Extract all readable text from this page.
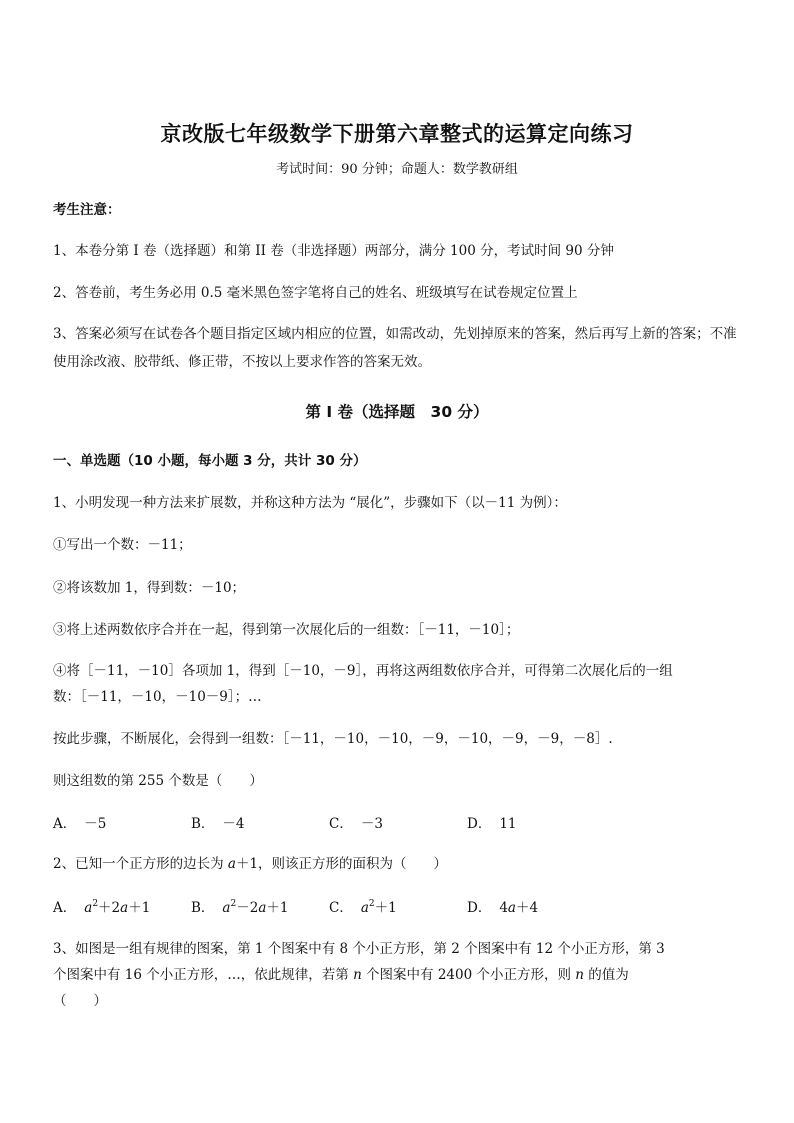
京改版七年级数学下册第六章整式的运算定向练习
考试时间：90 分钟；命题人：数学教研组
考生注意：
1、本卷分第 I 卷（选择题）和第 II 卷（非选择题）两部分，满分 100 分，考试时间 90 分钟
2、答卷前，考生务必用 0.5 毫米黑色签字笔将自己的姓名、班级填写在试卷规定位置上
3、答案必须写在试卷各个题目指定区域内相应的位置，如需改动，先划掉原来的答案，然后再写上新的答案；不准使用涂改液、胶带纸、修正带，不按以上要求作答的答案无效。
第 I 卷（选择题　30 分）
一、单选题（10 小题，每小题 3 分，共计 30 分）
1、小明发现一种方法来扩展数，并称这种方法为 “展化”，步骤如下（以－11 为例）：
①写出一个数：－11；
②将该数加 1，得到数：－10；
③将上述两数依序合并在一起，得到第一次展化后的一组数：［－11，－10］；
④将［－11，－10］各项加 1，得到［－10，－9］，再将这两组数依序合并，可得第二次展化后的一组
数：［－11，－10，－10－9］；…
按此步骤，不断展化，会得到一组数：［－11，－10，－10，－9，－10，－9，－9，－8］.
则这组数的第 255 个数是（　　）
A． －5	B． －4	C． －3	D． 11
2、已知一个正方形的边长为 a＋1，则该正方形的面积为（　　）
A． $a^2+2a+1$	B． $a^2-2a+1$	C． $a^2+1$	D． 4a＋4
3、如图是一组有规律的图案，第 1 个图案中有 8 个小正方形，第 2 个图案中有 12 个小正方形，第 3
个图案中有 16 个小正方形，…，依此规律，若第 n 个图案中有 2400 个小正方形，则 n 的值为
（　　）
